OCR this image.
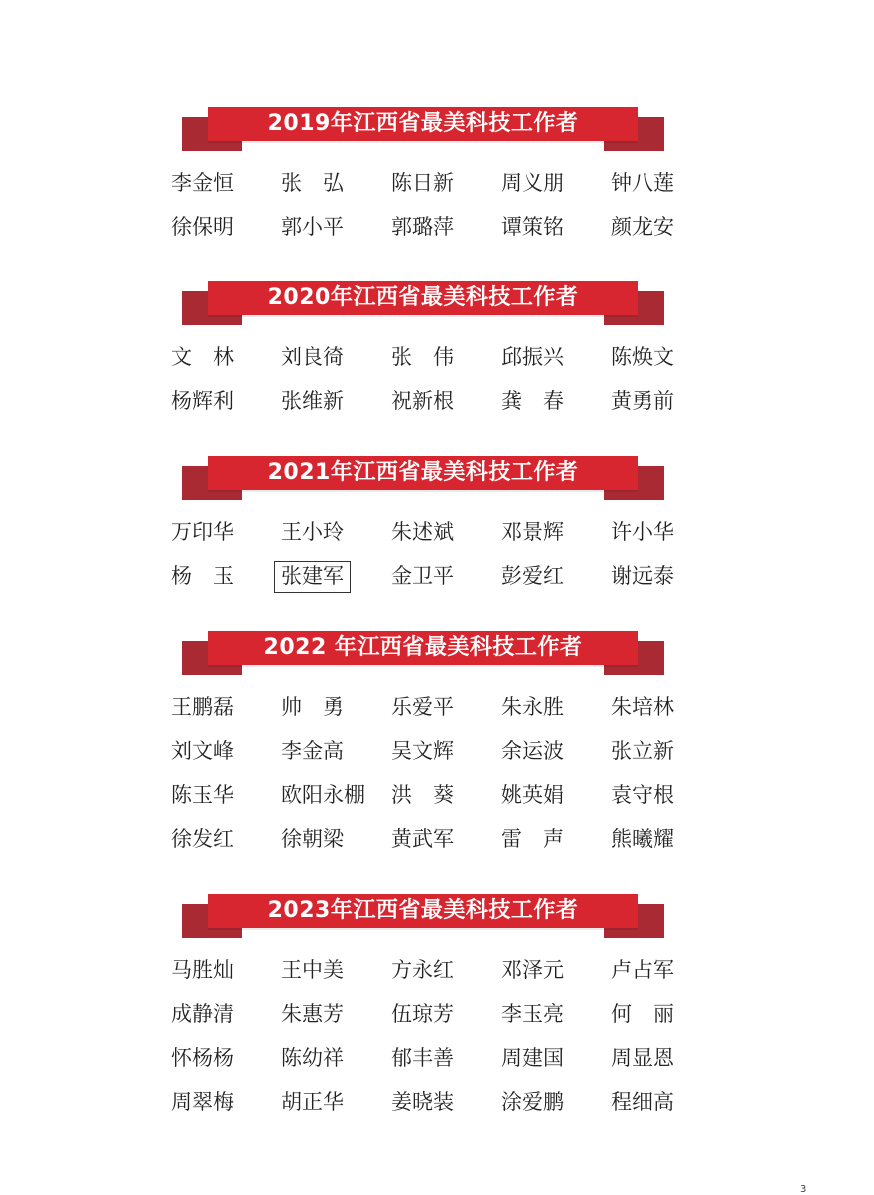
2019年江西省最美科技工作者
李金恒 张　弘 陈日新 周义朋 钟八莲
徐保明 郭小平 郭璐萍 谭策铭 颜龙安
2020年江西省最美科技工作者
文　林 刘良徛 张　伟 邱振兴 陈焕文
杨辉利 张维新 祝新根 龚　春 黄勇前
2021年江西省最美科技工作者
万印华 王小玲 朱述斌 邓景辉 许小华
杨　玉	张建军	金卫平 彭爱红 谢远泰
2022 年江西省最美科技工作者
王鹏磊 帅　勇 乐爱平 朱永胜 朱培林
刘文峰 李金高 吴文辉 余运波 张立新
陈玉华 欧阳永棚 洪　葵 姚英娟 袁守根
徐发红 徐朝梁 黄武军 雷　声 熊曦耀
2023年江西省最美科技工作者
马胜灿 王中美 方永红 邓泽元 卢占军
成静清 朱惠芳 伍琼芳 李玉亮 何　丽
怀杨杨 陈幼祥 郁丰善 周建国 周显恩
周翠梅 胡正华 姜晓装 涂爱鹏 程细高
3
